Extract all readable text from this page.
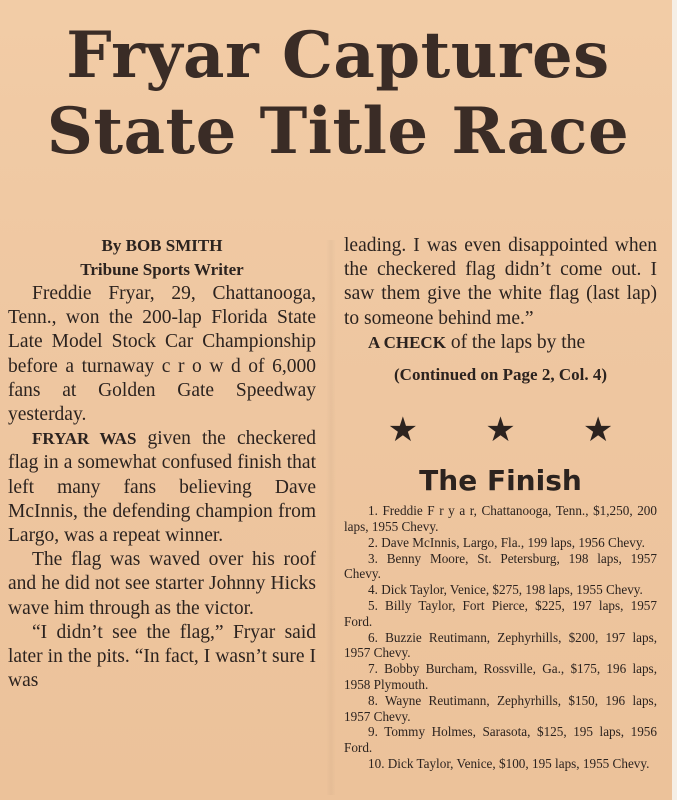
Fryar Captures
State Title Race
By BOB SMITH
Tribune Sports Writer

Freddie Fryar, 29, Chattanooga, Tenn., won the 200-lap Florida State Late Model Stock Car Championship before a turnaway c r o w d of 6,000 fans at Golden Gate Speedway yesterday.

FRYAR WAS given the checkered flag in a somewhat confused finish that left many fans believing Dave McInnis, the defending champion from Largo, was a repeat winner.

The flag was waved over his roof and he did not see starter Johnny Hicks wave him through as the victor.

“I didn’t see the flag,” Fryar said later in the pits. “In fact, I wasn’t sure I was

leading. I was even disappointed when the checkered flag didn’t come out. I saw them give the white flag (last lap) to someone behind me.”

A CHECK of the laps by the

(Continued on Page 2, Col. 4)
★ ★ ★
The Finish
1. Freddie F r y a r, Chattanooga, Tenn., $1,250, 200 laps, 1955 Chevy.
2. Dave McInnis, Largo, Fla., 199 laps, 1956 Chevy.
3. Benny Moore, St. Petersburg, 198 laps, 1957 Chevy.
4. Dick Taylor, Venice, $275, 198 laps, 1955 Chevy.
5. Billy Taylor, Fort Pierce, $225, 197 laps, 1957 Ford.
6. Buzzie Reutimann, Zephyrhills, $200, 197 laps, 1957 Chevy.
7. Bobby Burcham, Rossville, Ga., $175, 196 laps, 1958 Plymouth.
8. Wayne Reutimann, Zephyrhills, $150, 196 laps, 1957 Chevy.
9. Tommy Holmes, Sarasota, $125, 195 laps, 1956 Ford.
10. Dick Taylor, Venice, $100, 195 laps, 1955 Chevy.
